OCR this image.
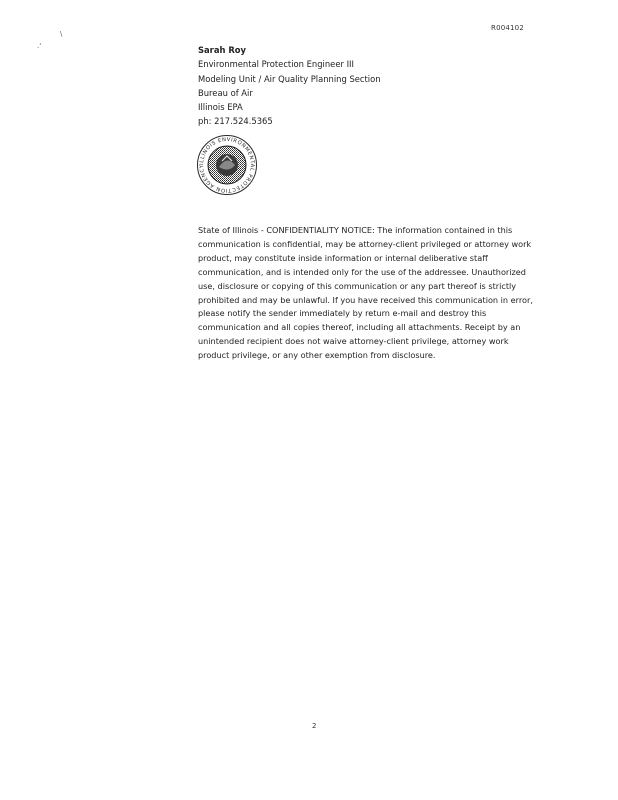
R004102
\
.'	Sarah Roy
Environmental Protection Engineer III
Modeling Unit / Air Quality Planning Section
Bureau of Air
Illinois EPA
ph: 217.524.5365
ILLINOIS ENVIRONMENTAL PROTECTION AGENCY
State of Illinois - CONFIDENTIALITY NOTICE: The information contained in this communication is confidential, may be attorney-client privileged or attorney work product, may constitute inside information or internal deliberative staff communication, and is intended only for the use of the addressee. Unauthorized use, disclosure or copying of this communication or any part thereof is strictly prohibited and may be unlawful. If you have received this communication in error, please notify the sender immediately by return e-mail and destroy this communication and all copies thereof, including all attachments. Receipt by an unintended recipient does not waive attorney-client privilege, attorney work product privilege, or any other exemption from disclosure.
2
